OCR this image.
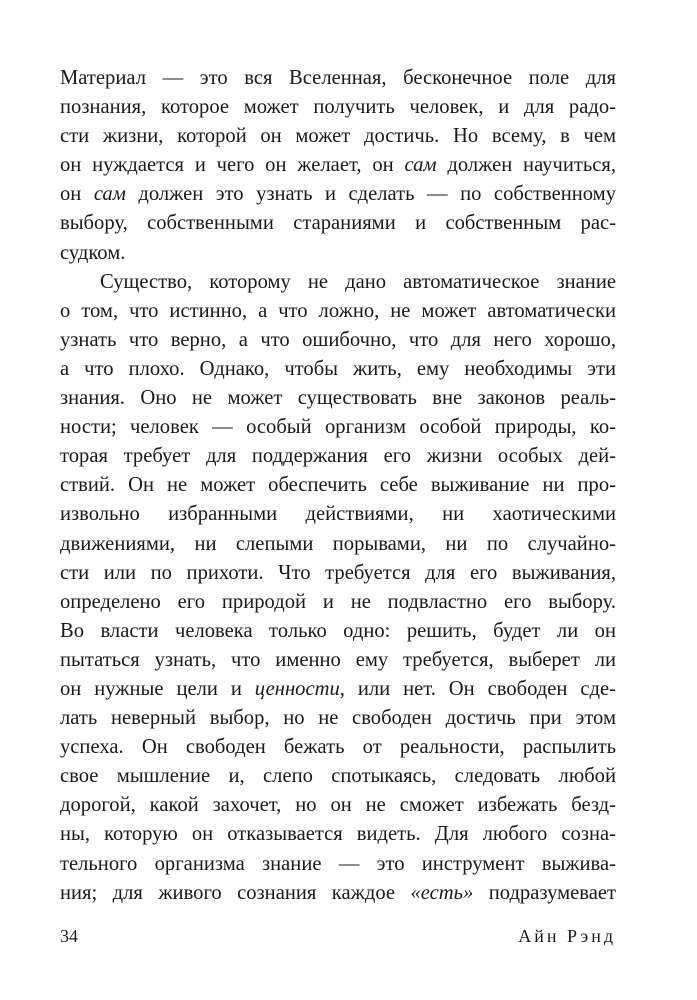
Материал — это вся Вселенная, бесконечное поле для
познания, которое может получить человек, и для радо-
сти жизни, которой он может достичь. Но всему, в чем
он нуждается и чего он желает, он сам должен научиться,
он сам должен это узнать и сделать — по собственному
выбору, собственными стараниями и собственным рас-
судком.
Существо, которому не дано автоматическое знание
о том, что истинно, а что ложно, не может автоматически
узнать что верно, а что ошибочно, что для него хорошо,
а что плохо. Однако, чтобы жить, ему необходимы эти
знания. Оно не может существовать вне законов реаль-
ности; человек — особый организм особой природы, ко-
торая требует для поддержания его жизни особых дей-
ствий. Он не может обеспечить себе выживание ни про-
извольно избранными действиями, ни хаотическими
движениями, ни слепыми порывами, ни по случайно-
сти или по прихоти. Что требуется для его выживания,
определено его природой и не подвластно его выбору.
Во власти человека только одно: решить, будет ли он
пытаться узнать, что именно ему требуется, выберет ли
он нужные цели и ценности, или нет. Он свободен сде-
лать неверный выбор, но не свободен достичь при этом
успеха. Он свободен бежать от реальности, распылить
свое мышление и, слепо спотыкаясь, следовать любой
дорогой, какой захочет, но он не сможет избежать безд-
ны, которую он отказывается видеть. Для любого созна-
тельного организма знание — это инструмент выжива-
ния; для живого сознания каждое «есть» подразумевает
34	Айн Рэнд
